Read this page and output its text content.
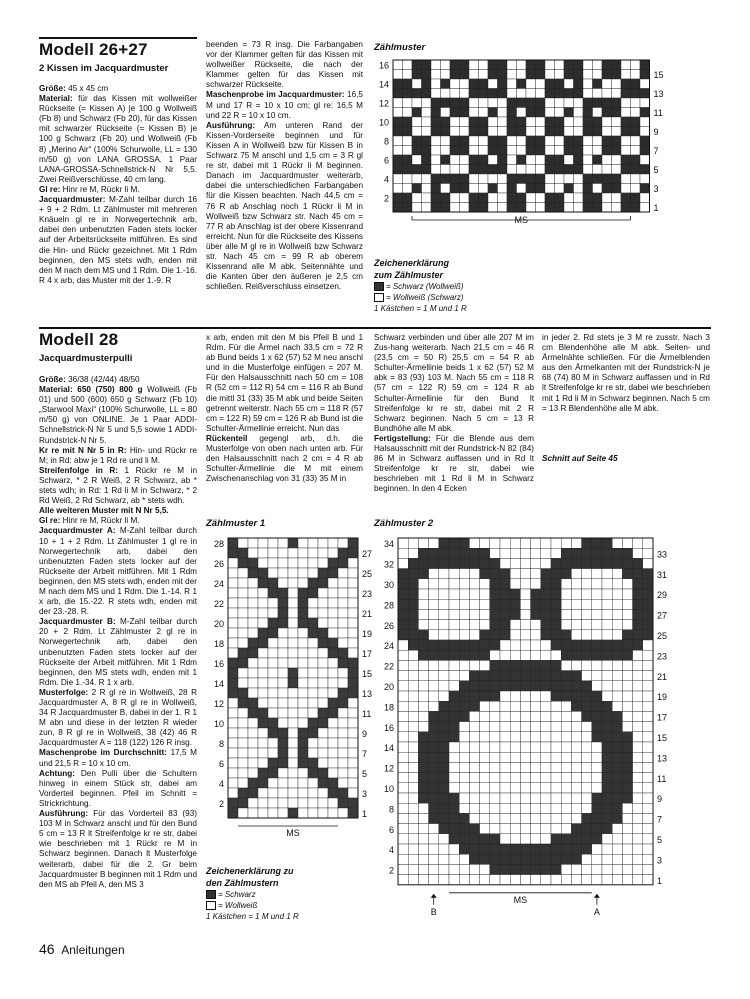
Modell 26+27
2 Kissen im Jacquardmuster

Größe: 45 x 45 cm

Material: für das Kissen mit wollweißer Rückseite (= Kissen A) je 100 g Wollweiß (Fb 8) und Schwarz (Fb 20), für das Kissen mit schwarzer Rückseite (= Kissen B) je 100 g Schwarz (Fb 20) und Wollweiß (Fb 8) „Merino Air“ (100% Schurwolle, LL = 130 m/50 g) von LANA GROSSA. 1 Paar LANA-GROSSA-Schnellstrick-N Nr 5,5. Zwei Reißverschlüsse, 40 cm lang.

Gl re: Hinr re M, Rückr li M.

Jacquardmuster: M-Zahl teilbar durch 16 + 9 + 2 Rdm. Lt Zählmuster mit mehreren Knäueln gl re in Norwegertechnik arb, dabei den unbenutzten Faden stets locker auf der Arbeitsrückseite mitführen. Es sind die Hin- und Rückr gezeichnet. Mit 1 Rdm beginnen, den MS stets wdh, enden mit den M nach dem MS und 1 Rdm. Die 1.-16. R 4 x arb, das Muster mit der 1.-9. R

beenden = 73 R insg. Die Farbangaben vor der Klammer gelten für das Kissen mit wollweißer Rückseite, die nach der Klammer gelten für das Kissen mit schwarzer Rückseite.

Maschenprobe im Jacquardmuster: 16,5 M und 17 R = 10 x 10 cm; gl re: 16,5 M und 22 R = 10 x 10 cm.

Ausführung: Am unteren Rand der Kissen-Vorderseite beginnen und für Kissen A in Wollweiß bzw für Kissen B in Schwarz 75 M anschl und 1,5 cm = 3 R gl re str, dabei mit 1 Rückr li M beginnen. Danach im Jacquardmuster weiterarb, dabei die unterschiedlichen Farbangaben für die Kissen beachten. Nach 44,5 cm = 76 R ab Anschlag noch 1 Rückr li M in Wollweiß bzw Schwarz str. Nach 45 cm = 77 R ab Anschlag ist der obere Kissenrand erreicht. Nun für die Rückseite des Kissens über alle M gl re in Wollweiß bzw Schwarz str. Nach 45 cm = 99 R ab oberem Kissenrand alle M abk. Seitennähte und die Kanten über den äußeren je 2,5 cm schließen. Reißverschluss einsetzen.

Zählmuster
16
14
12
10
8
6
4
2
15
13
11
9
7
5
3
1
MS
Zeichenerklärung
zum Zählmuster
= Schwarz (Wollweiß)
= Wollweiß (Schwarz)
1 Kästchen = 1 M und 1 R
Modell 28
Jacquardmusterpulli

Größe: 36/38 (42/44) 48/50

Material: 650 (750) 800 g Wollweiß (Fb 01) und 500 (600) 650 g Schwarz (Fb 10) „Starwool Maxi“ (100% Schurwolle, LL = 80 m/50 g) von ONLINE. Je 1 Paar ADDI-Schnellstrick-N Nr 5 und 5,5 sowie 1 ADDI-Rundstrick-N Nr 5.

Kr re mit N Nr 5 in R: Hin- und Rückr re M; in Rd: abw je 1 Rd re und li M.

Streifenfolge in R: 1 Rückr re M in Schwarz, * 2 R Weiß, 2 R Schwarz, ab * stets wdh; in Rd: 1 Rd li M in Schwarz, * 2 Rd Weiß, 2 Rd Schwarz, ab * stets wdh.

Alle weiteren Muster mit N Nr 5,5.

Gl re: Hinr re M, Rückr li M.

Jacquardmuster A: M-Zahl teilbar durch 10 + 1 + 2 Rdm. Lt Zählmuster 1 gl re in Norwegertechnik arb, dabei den unbenutzten Faden stets locker auf der Rückseite der Arbeit mitführen. Mit 1 Rdm beginnen, den MS stets wdh, enden mit der M nach dem MS und 1 Rdm. Die 1.-14. R 1 x arb, die 15.-22. R stets wdh, enden mit der 23.-28. R.

Jacquardmuster B: M-Zahl teilbar durch 20 + 2 Rdm. Lt Zählmuster 2 gl re in Norwegertechnik arb, dabei den unbenutzten Faden stets locker auf der Rückseite der Arbeit mitführen. Mit 1 Rdm beginnen, den MS stets wdh, enden mit 1 Rdm. Die 1.-34. R 1 x arb.

Musterfolge: 2 R gl re in Wollweiß, 28 R Jacquardmuster A, 8 R gl re in Wollweiß, 34 R Jacquardmuster B, dabei in der 1. R 1 M abn und diese in der letzten R wieder zun, 8 R gl re in Wollweiß, 38 (42) 46 R Jacquardmuster A = 118 (122) 126 R insg.

Maschenprobe im Durchschnitt: 17,5 M und 21,5 R = 10 x 10 cm.

Achtung: Den Pulli über die Schultern hinweg in einem Stück str, dabei am Vorderteil beginnen. Pfeil im Schnitt = Strickrichtung.

Ausführung: Für das Vorderteil 83 (93) 103 M in Schwarz anschl und für den Bund 5 cm = 13 R lt Streifenfolge kr re str, dabei wie beschrieben mit 1 Rückr re M in Schwarz beginnen. Danach lt Musterfolge weiterarb, dabei für die 2. Gr beim Jacquardmuster B beginnen mit 1 Rdm und den MS ab Pfeil A, den MS 3

x arb, enden mit den M bis Pfeil B und 1 Rdm. Für die Ärmel nach 33,5 cm = 72 R ab Bund beids 1 x 62 (57) 52 M neu anschl und in die Musterfolge einfügen = 207 M. Für den Halsausschnitt nach 50 cm = 108 R (52 cm = 112 R) 54 cm = 116 R ab Bund die mittl 31 (33) 35 M abk und beide Seiten getrennt weiterstr. Nach 55 cm = 118 R (57 cm = 122 R) 59 cm = 126 R ab Bund ist die Schulter-Ärmellinie erreicht. Nun das

Rückenteil gegengl arb, d.h. die Musterfolge von oben nach unten arb. Für den Halsausschnitt nach 2 cm = 4 R ab Schulter-Ärmellinie die M mit einem Zwischenanschlag von 31 (33) 35 M in

Schwarz verbinden und über alle 207 M im Zus-hang weiterarb. Nach 21,5 cm = 46 R (23,5 cm = 50 R) 25,5 cm = 54 R ab Schulter-Ärmellinie beids 1 x 62 (57) 52 M abk = 83 (93) 103 M. Nach 55 cm = 118 R (57 cm = 122 R) 59 cm = 124 R ab Schulter-Ärmellinie für den Bund lt Streifenfolge kr re str, dabei mit 2 R Schwarz beginnen. Nach 5 cm = 13 R Bundhöhe alle M abk.

Fertigstellung: Für die Blende aus dem Halsausschnitt mit der Rundstrick-N 82 (84) 86 M in Schwarz auffassen und in Rd lt Streifenfolge kr re str, dabei wie beschrieben mit 1 Rd li M in Schwarz beginnen. In den 4 Ecken

in jeder 2. Rd stets je 3 M re zusstr. Nach 3 cm Blendenhöhe alle M abk. Seiten- und Ärmelnähte schließen. Für die Ärmelblenden aus den Ärmelkanten mit der Rundstrick-N je 68 (74) 80 M in Schwarz auffassen und in Rd lt Streifenfolge kr re str, dabei wie beschrieben mit 1 Rd li M in Schwarz beginnen. Nach 5 cm = 13 R Blendenhöhe alle M abk.

Schnitt auf Seite 45
Zählmuster 1
28
26
24
22
20
18
16
14
12
10
8
6
4
2
27
25
23
21
19
17
15
13
11
9
7
5
3
1
MS
Zählmuster 2
34
32
30
28
26
24
22
20
18
16
14
12
10
8
6
4
2
33
31
29
27
25
23
21
19
17
15
13
11
9
7
5
3
1
MS
B	A
Zeichenerklärung zu
den Zählmustern
= Schwarz
= Wollweiß
1 Kästchen = 1 M und 1 R
46 Anleitungen
